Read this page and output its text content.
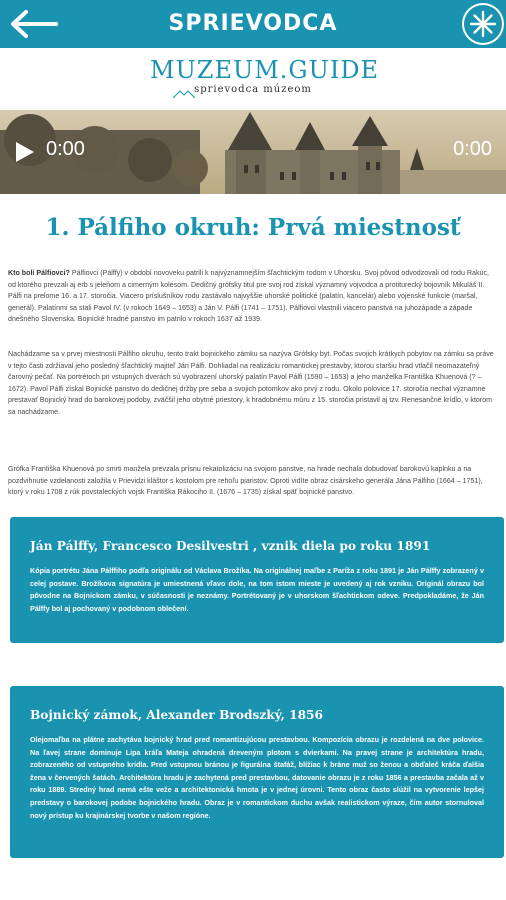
SPRIEVODCA
MUZEUM.GUIDE
sprievodca múzeom
0:00	0:00
1. Pálfiho okruh: Prvá miestnosť
Kto boli Pálfiovci? Pálfiovci (Pálffy) v období novoveku patrili k najvýznamnejším šľachtickým rodom v Uhorsku. Svoj pôvod odvodzovali od rodu Rakúc, od ktorého prevzali aj erb s jeleňom a cimerným kolesom. Dedičný grófsky titul pre svoj rod získal významný vojvodca a protiturecký bojovník Mikuláš II. Pálfi na prelome 16. a 17. storočia. Viacero príslušníkov rodu zastávalo najvyššie uhorské politické (palatín, kancelár) alebo vojenské funkcie (maršal, generál). Palatínmi sa stali Pavol IV. (v rokoch 1649 – 1653) a Ján V. Pálfi (1741 – 1751). Pálfiovci vlastnili viacero panstvá na juhozápade a západe dnešného Slovenska. Bojnické hradné panstvo im patrilo v rokoch 1637 až 1939.
Nachádzame sa v prvej miestnosti Pálfiho okruhu, tento trakt bojnického zámku sa nazýva Grófsky byt. Počas svojich krátkych pobytov na zámku sa práve v tejto časti zdržiaval jeho posledný šľachtický majiteľ Ján Pálfi. Dohliadal na realizáciu romantickej prestavby, ktorou staršiu hrad vtlačil neomazateľný čarovný pečať. Na portrétoch pri vstupných dverách sú vyobrazení uhorský palatín Pavol Pálfi (1590 – 1653) a jeho manželka Františka Khuenová (? – 1672). Pavol Pálfi získal Bojnické panstvo do dedičnej držby pre seba a svojich potomkov ako prvý z rodu. Okolo polovice 17. storočia nechal významne prestavať Bojnický hrad do barokovej podoby, zväčšil jeho obytné priestory, k hradobnému múru z 15. storočia pristavil aj tzv. Renesančné krídlo, v ktorom sa nachádzame.
Grófka Františka Khuenová po smrti manžela prevzala prísnu rekatolizáciu na svojom panstve, na hrade nechala dobudovať barokovú kaplnku a na pozdvihnutie vzdelanosti založila v Prievidzi kláštor s kostolom pre rehoľu piaristov. Oproti vidíte obraz cisárskeho generála Jána Pálfiho (1664 – 1751), ktorý v roku 1708 z rúk povstaleckých vojsk Františka Rákociho II. (1676 – 1735) získal späť bojnické panstvo.
Ján Pálffy, Francesco Desilvestri , vznik diela po roku 1891
Kópia portrétu Jána Pálffiho podľa originálu od Václava Brožíka. Na originálnej maľbe z Paríža z roku 1891 je Ján Pálffy zobrazený v celej postave. Brožíkova signatúra je umiestnená vľavo dole, na tom istom mieste je uvedený aj rok vzniku. Originál obrazu bol pôvodne na Bojnickom zámku, v súčasnosti je neznámy. Portrétovaný je v uhorskom šľachtickom odeve. Predpokladáme, že Ján Pálffy bol aj pochovaný v podobnom oblečení.
Bojnický zámok, Alexander Brodszký, 1856
Olejomaľba na plátne zachytáva bojnický hrad pred romantizujúcou prestavbou. Kompozícia obrazu je rozdelená na dve polovice. Na ľavej strane dominuje Lipa kráľa Mateja ohradená dreveným plotom s dvierkami. Na pravej strane je architektúra hradu, zobrazeného od vstupného krídla. Pred vstupnou bránou je figurálna štafáž, blížiac k bráne muž so ženou a obďaleč kráča ďalšia žena v červených šatách. Architektúra hradu je zachytená pred prestavbou, datovanie obrazu je z roku 1856 a prestavba začala až v roku 1889. Stredný hrad nemá ešte veže a architektonická hmota je v jednej úrovni. Tento obraz často slúžil na vytvorenie lepšej predstavy o barokovej podobe bojnického hradu. Obraz je v romantickom duchu avšak realistickom výraze, čím autor stornuloval nový prístup ku krajinárskej tvorbe v našom regióne.
